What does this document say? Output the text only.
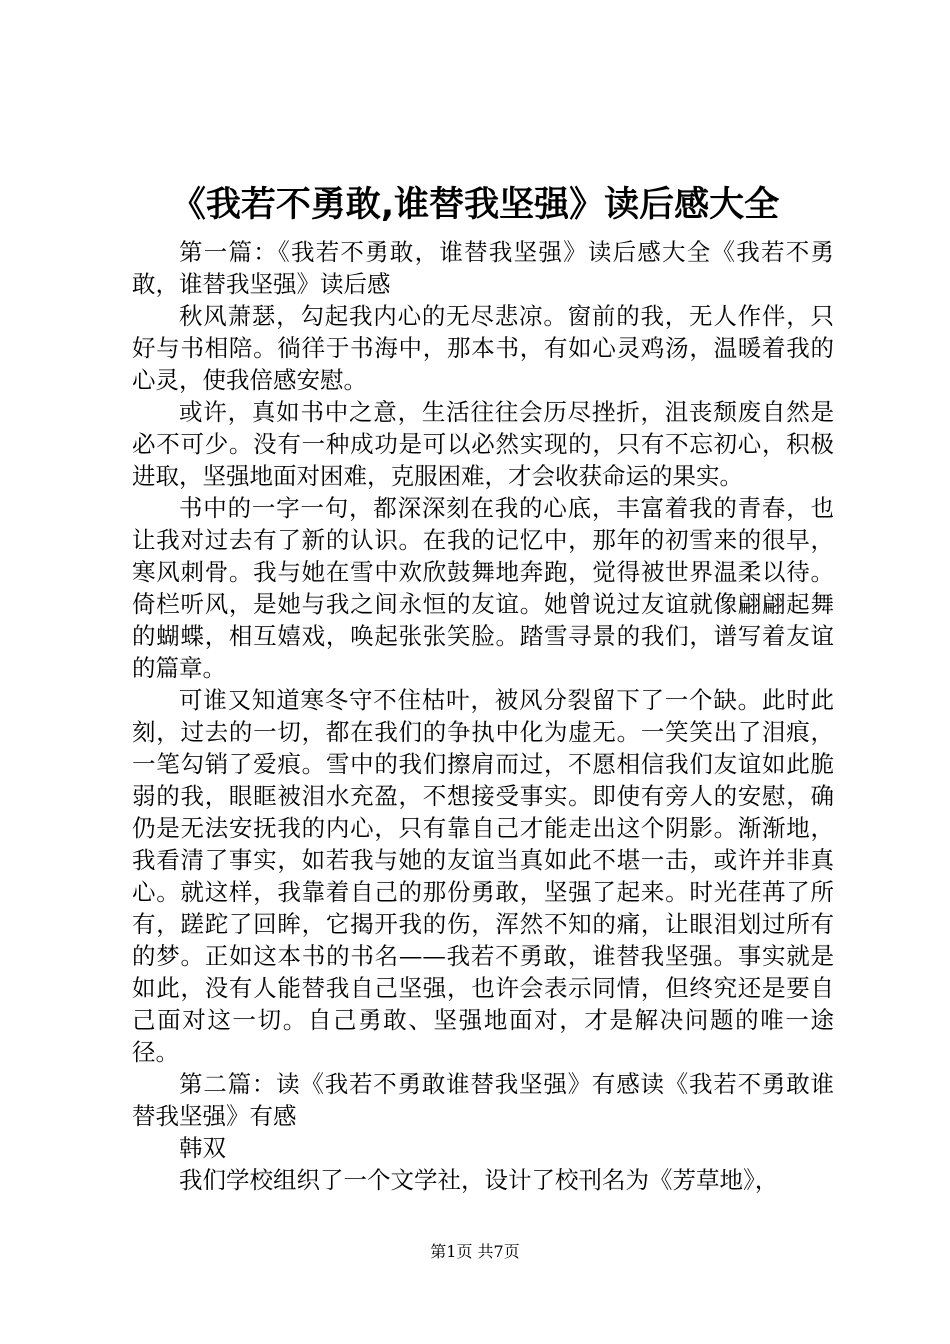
《我若不勇敢,谁替我坚强》读后感大全

第一篇：《我若不勇敢，谁替我坚强》读后感大全《我若不勇敢，谁替我坚强》读后感

秋风萧瑟，勾起我内心的无尽悲凉。窗前的我，无人作伴，只好与书相陪。徜徉于书海中，那本书，有如心灵鸡汤，温暖着我的心灵，使我倍感安慰。

或许，真如书中之意，生活往往会历尽挫折，沮丧颓废自然是必不可少。没有一种成功是可以必然实现的，只有不忘初心，积极进取，坚强地面对困难，克服困难，才会收获命运的果实。

书中的一字一句，都深深刻在我的心底，丰富着我的青春，也让我对过去有了新的认识。在我的记忆中，那年的初雪来的很早，寒风刺骨。我与她在雪中欢欣鼓舞地奔跑，觉得被世界温柔以待。倚栏听风，是她与我之间永恒的友谊。她曾说过友谊就像翩翩起舞的蝴蝶，相互嬉戏，唤起张张笑脸。踏雪寻景的我们，谱写着友谊的篇章。

可谁又知道寒冬守不住枯叶，被风分裂留下了一个缺。此时此刻，过去的一切，都在我们的争执中化为虚无。一笑笑出了泪痕，一笔勾销了爱痕。雪中的我们擦肩而过，不愿相信我们友谊如此脆弱的我，眼眶被泪水充盈，不想接受事实。即使有旁人的安慰，确仍是无法安抚我的内心，只有靠自己才能走出这个阴影。渐渐地，我看清了事实，如若我与她的友谊当真如此不堪一击，或许并非真心。就这样，我靠着自己的那份勇敢，坚强了起来。时光荏苒了所有，蹉跎了回眸，它揭开我的伤，浑然不知的痛，让眼泪划过所有的梦。正如这本书的书名——我若不勇敢，谁替我坚强。事实就是如此，没有人能替我自己坚强，也许会表示同情，但终究还是要自己面对这一切。自己勇敢、坚强地面对，才是解决问题的唯一途径。

第二篇：读《我若不勇敢谁替我坚强》有感读《我若不勇敢谁替我坚强》有感

韩双

我们学校组织了一个文学社，设计了校刊名为《芳草地》，

第1页 共7页
